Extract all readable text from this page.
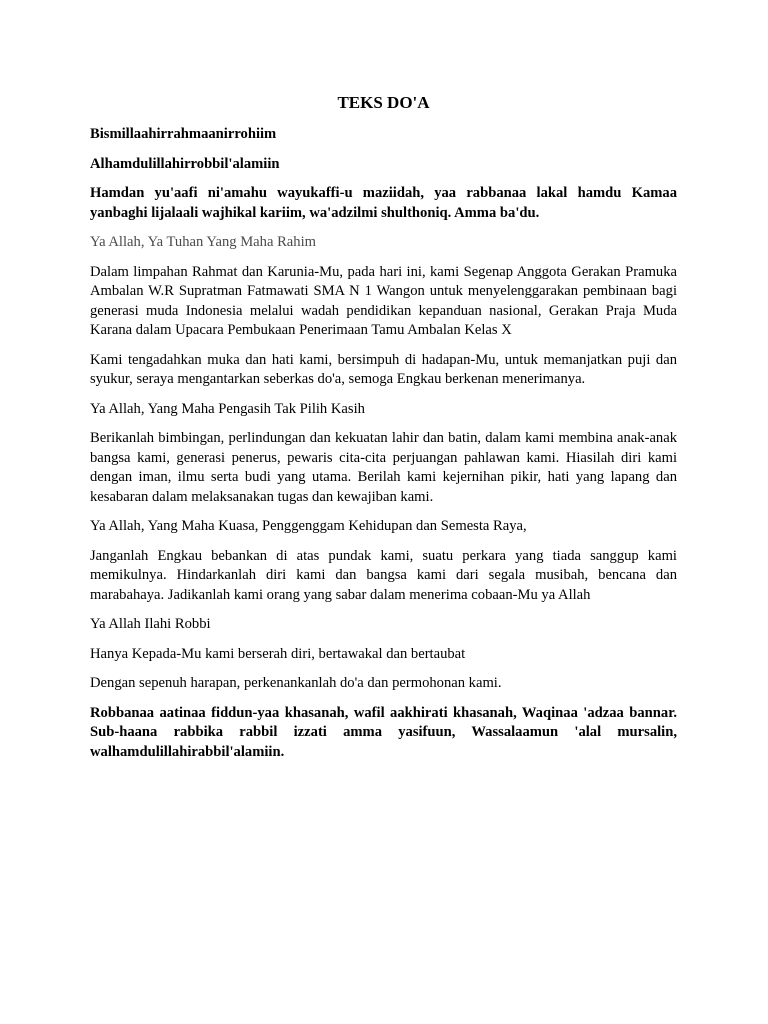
TEKS DO'A

Bismillaahirrahmaanirrohiim

Alhamdulillahirrobbil'alamiin

Hamdan yu'aafi ni'amahu wayukaffi-u maziidah, yaa rabbanaa lakal hamdu Kamaa yanbaghi lijalaali wajhikal kariim, wa'adzilmi shulthoniq. Amma ba'du.

Ya Allah, Ya Tuhan Yang Maha Rahim

Dalam limpahan Rahmat dan Karunia-Mu, pada hari ini, kami Segenap Anggota Gerakan Pramuka Ambalan W.R Supratman Fatmawati SMA N 1 Wangon untuk menyelenggarakan pembinaan bagi generasi muda Indonesia melalui wadah pendidikan kepanduan nasional, Gerakan Praja Muda Karana dalam Upacara Pembukaan Penerimaan Tamu Ambalan Kelas X

Kami tengadahkan muka dan hati kami, bersimpuh di hadapan-Mu, untuk memanjatkan puji dan syukur, seraya mengantarkan seberkas do'a, semoga Engkau berkenan menerimanya.

Ya Allah, Yang Maha Pengasih Tak Pilih Kasih

Berikanlah bimbingan, perlindungan dan kekuatan lahir dan batin, dalam kami membina anak-anak bangsa kami, generasi penerus, pewaris cita-cita perjuangan pahlawan kami. Hiasilah diri kami dengan iman, ilmu serta budi yang utama. Berilah kami kejernihan pikir, hati yang lapang dan kesabaran dalam melaksanakan tugas dan kewajiban kami.

Ya Allah, Yang Maha Kuasa, Penggenggam Kehidupan dan Semesta Raya,

Janganlah Engkau bebankan di atas pundak kami, suatu perkara yang tiada sanggup kami memikulnya. Hindarkanlah diri kami dan bangsa kami dari segala musibah, bencana dan marabahaya. Jadikanlah kami orang yang sabar dalam menerima cobaan-Mu ya Allah

Ya Allah Ilahi Robbi

Hanya Kepada-Mu kami berserah diri, bertawakal dan bertaubat

Dengan sepenuh harapan, perkenankanlah do'a dan permohonan kami.

Robbanaa aatinaa fiddun-yaa khasanah, wafil aakhirati khasanah, Waqinaa 'adzaa bannar. Sub-haana rabbika rabbil izzati amma yasifuun, Wassalaamun 'alal mursalin, walhamdulillahirabbil'alamiin.
